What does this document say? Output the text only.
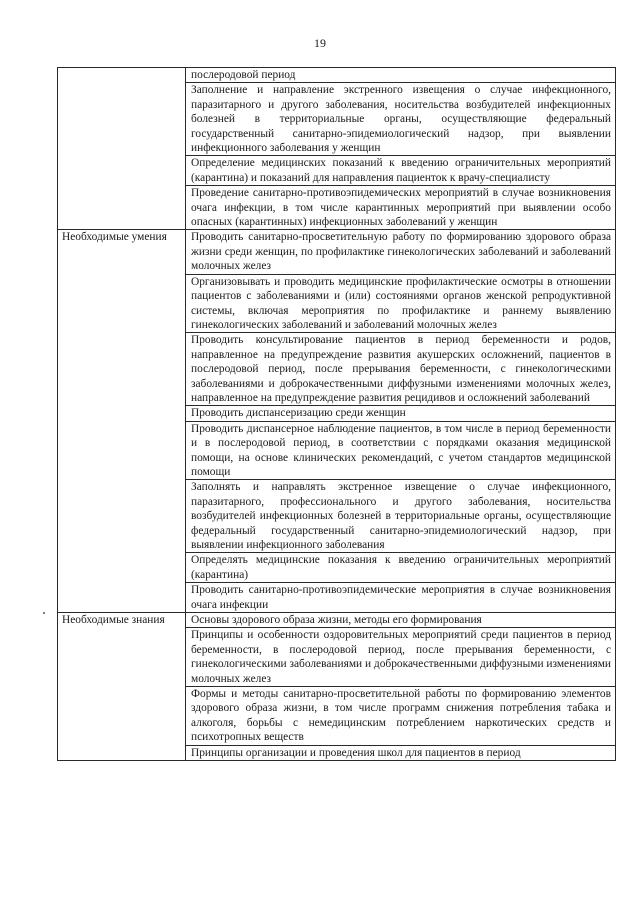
19
	послеродовой период
	Заполнение и направление экстренного извещения о случае инфекционного, паразитарного и другого заболевания, носительства возбудителей инфекционных болезней в территориальные органы, осуществляющие федеральный государственный санитарно-эпидемиологический надзор, при выявлении инфекционного заболевания у женщин
	Определение медицинских показаний к введению ограничительных мероприятий (карантина) и показаний для направления пациенток к врачу-специалисту
	Проведение санитарно-противоэпидемических мероприятий в случае возникновения очага инфекции, в том числе карантинных мероприятий при выявлении особо опасных (карантинных) инфекционных заболеваний у женщин
Необходимые умения	Проводить санитарно-просветительную работу по формированию здорового образа жизни среди женщин, по профилактике гинекологических заболеваний и заболеваний молочных желез
	Организовывать и проводить медицинские профилактические осмотры в отношении пациентов с заболеваниями и (или) состояниями органов женской репродуктивной системы, включая мероприятия по профилактике и раннему выявлению гинекологических заболеваний и заболеваний молочных желез
	Проводить консультирование пациентов в период беременности и родов, направленное на предупреждение развития акушерских осложнений, пациентов в послеродовой период, после прерывания беременности, с гинекологическими заболеваниями и доброкачественными диффузными изменениями молочных желез, направленное на предупреждение развития рецидивов и осложнений заболеваний
	Проводить диспансеризацию среди женщин
	Проводить диспансерное наблюдение пациентов, в том числе в период беременности и в послеродовой период, в соответствии с порядками оказания медицинской помощи, на основе клинических рекомендаций, с учетом стандартов медицинской помощи
	Заполнять и направлять экстренное извещение о случае инфекционного, паразитарного, профессионального и другого заболевания, носительства возбудителей инфекционных болезней в территориальные органы, осуществляющие федеральный государственный санитарно-эпидемиологический надзор, при выявлении инфекционного заболевания
	Определять медицинские показания к введению ограничительных мероприятий (карантина)
	Проводить санитарно-противоэпидемические мероприятия в случае возникновения очага инфекции
Необходимые знания	Основы здорового образа жизни, методы его формирования
	Принципы и особенности оздоровительных мероприятий среди пациентов в период беременности, в послеродовой период, после прерывания беременности, с гинекологическими заболеваниями и доброкачественными диффузными изменениями молочных желез
	Формы и методы санитарно-просветительной работы по формированию элементов здорового образа жизни, в том числе программ снижения потребления табака и алкоголя, борьбы с немедицинским потреблением наркотических средств и психотропных веществ
	Принципы организации и проведения школ для пациентов в период
